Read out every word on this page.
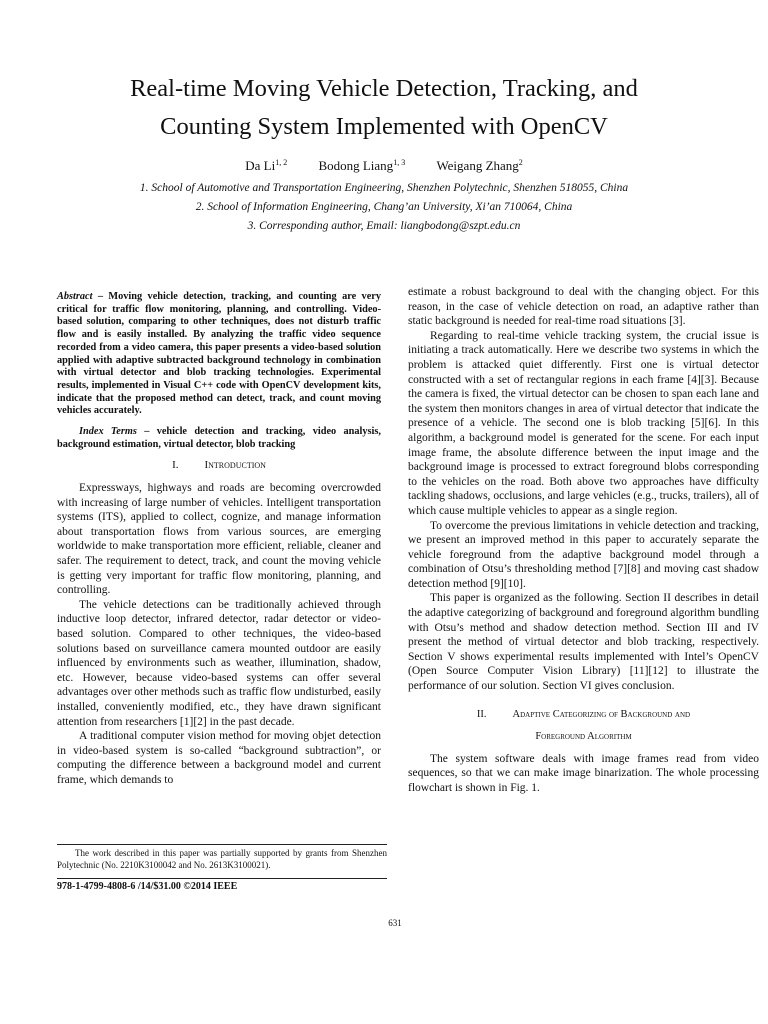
Real-time Moving Vehicle Detection, Tracking, and
Counting System Implemented with OpenCV
Da Li$^{1, 2}$ Bodong Liang$^{1, 3}$ Weigang Zhang$^2$
1. School of Automotive and Transportation Engineering, Shenzhen Polytechnic, Shenzhen 518055, China
2. School of Information Engineering, Chang’an University, Xi’an 710064, China
3. Corresponding author, Email: liangbodong@szpt.edu.cn

Abstract – Moving vehicle detection, tracking, and counting are very critical for traffic flow monitoring, planning, and controlling. Video-based solution, comparing to other techniques, does not disturb traffic flow and is easily installed. By analyzing the traffic video sequence recorded from a video camera, this paper presents a video-based solution applied with adaptive subtracted background technology in combination with virtual detector and blob tracking technologies. Experimental results, implemented in Visual C++ code with OpenCV development kits, indicate that the proposed method can detect, track, and count moving vehicles accurately.

Index Terms – vehicle detection and tracking, video analysis, background estimation, virtual detector, blob tracking

I. Introduction

Expressways, highways and roads are becoming overcrowded with increasing of large number of vehicles. Intelligent transportation systems (ITS), applied to collect, cognize, and manage information about transportation flows from various sources, are emerging worldwide to make transportation more efficient, reliable, cleaner and safer. The requirement to detect, track, and count the moving vehicle is getting very important for traffic flow monitoring, planning, and controlling.

The vehicle detections can be traditionally achieved through inductive loop detector, infrared detector, radar detector or video-based solution. Compared to other techniques, the video-based solutions based on surveillance camera mounted outdoor are easily influenced by environments such as weather, illumination, shadow, etc. However, because video-based systems can offer several advantages over other methods such as traffic flow undisturbed, easily installed, conveniently modified, etc., they have drawn significant attention from researchers [1][2] in the past decade.

A traditional computer vision method for moving objet detection in video-based system is so-called “background subtraction”, or computing the difference between a background model and current frame, which demands to

estimate a robust background to deal with the changing object. For this reason, in the case of vehicle detection on road, an adaptive rather than static background is needed for real-time road situations [3].

Regarding to real-time vehicle tracking system, the crucial issue is initiating a track automatically. Here we describe two systems in which the problem is attacked quiet differently. First one is virtual detector constructed with a set of rectangular regions in each frame [4][3]. Because the camera is fixed, the virtual detector can be chosen to span each lane and the system then monitors changes in area of virtual detector that indicate the presence of a vehicle. The second one is blob tracking [5][6]. In this algorithm, a background model is generated for the scene. For each input image frame, the absolute difference between the input image and the background image is processed to extract foreground blobs corresponding to the vehicles on the road. Both above two approaches have difficulty tackling shadows, occlusions, and large vehicles (e.g., trucks, trailers), all of which cause multiple vehicles to appear as a single region.

To overcome the previous limitations in vehicle detection and tracking, we present an improved method in this paper to accurately separate the vehicle foreground from the adaptive background model through a combination of Otsu’s thresholding method [7][8] and moving cast shadow detection method [9][10].

This paper is organized as the following. Section II describes in detail the adaptive categorizing of background and foreground algorithm bundling with Otsu’s method and shadow detection method. Section III and IV present the method of virtual detector and blob tracking, respectively. Section V shows experimental results implemented with Intel’s OpenCV (Open Source Computer Vision Library) [11][12] to illustrate the performance of our solution. Section VI gives conclusion.

II. Adaptive Categorizing of Background and
Foreground Algorithm

The system software deals with image frames read from video sequences, so that we can make image binarization. The whole processing flowchart is shown in Fig. 1.

The work described in this paper was partially supported by grants from Shenzhen Polytechnic (No. 2210K3100042 and No. 2613K3100021).
978-1-4799-4808-6 /14/$31.00 ©2014 IEEE
631
